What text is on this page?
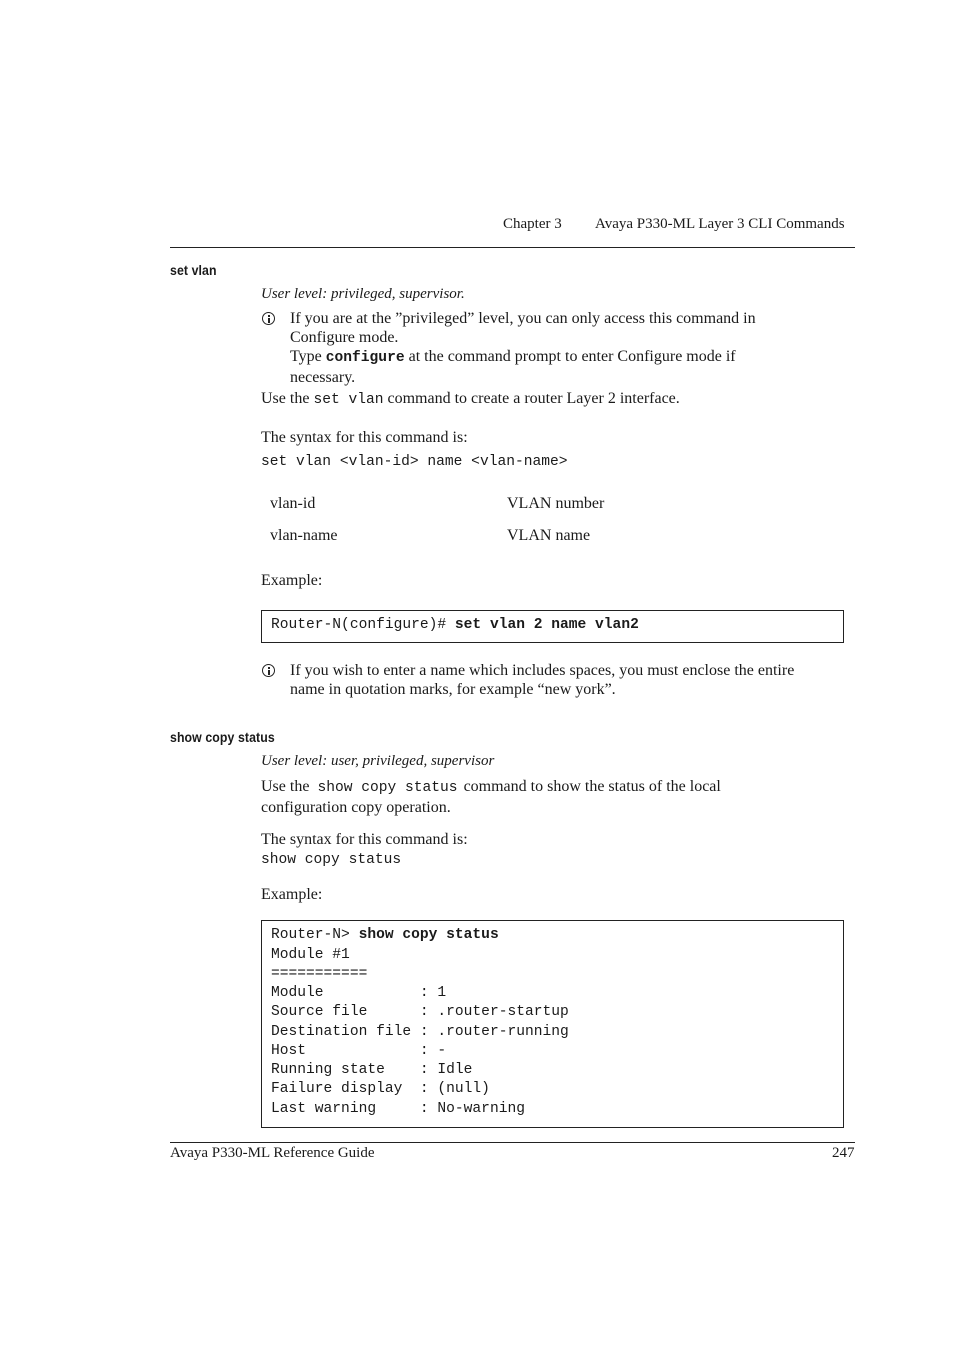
Chapter 3 Avaya P330-ML Layer 3 CLI Commands
set vlan
User level: privileged, supervisor.
If you are at the ”privileged” level, you can only access this command in
Configure mode.
Type configure at the command prompt to enter Configure mode if
necessary.
Use the set vlan command to create a router Layer 2 interface.
The syntax for this command is:
set vlan <vlan-id> name <vlan-name>
vlan-id	VLAN number
vlan-name	VLAN name
Example:
Router-N(configure)# set vlan 2 name vlan2
If you wish to enter a name which includes spaces, you must enclose the entire
name in quotation marks, for example “new york”.
show copy status
User level: user, privileged, supervisor
Use the show copy status command to show the status of the local
configuration copy operation.
The syntax for this command is:
show copy status
Example:
Router-N> show copy status
Module #1
===========
Module           : 1
Source file      : .router-startup
Destination file : .router-running
Host             : -
Running state    : Idle
Failure display  : (null)
Last warning     : No-warning
Avaya P330-ML Reference Guide	247
